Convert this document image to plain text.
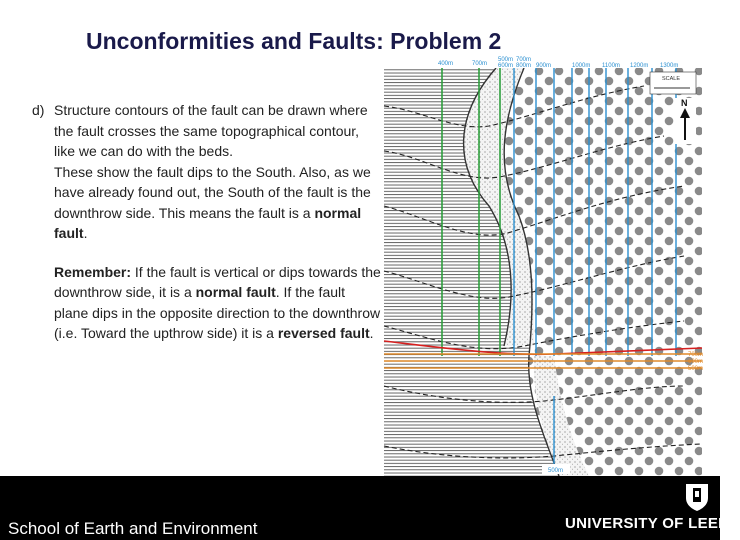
Unconformities and Faults: Problem 2
d) Structure contours of the fault can be drawn where the fault crosses the same topographical contour, like we can do with the beds.

These show the fault dips to the South. Also, as we have already found out, the South of the fault is the downthrow side. This means the fault is a normal fault.

Remember: If the fault is vertical or dips towards the downthrow side, it is a normal fault. If the fault plane dips in the opposite direction to the downthrow (i.e. Toward the upthrow side) it is a reversed fault.

400m	700m
500m
600m
700m
800m 900m	1000m 1100m 1200m 1300m
SCALE
N
700m
600m
500m
500m
School of Earth and Environment	UNIVERSITY OF LEEDS
